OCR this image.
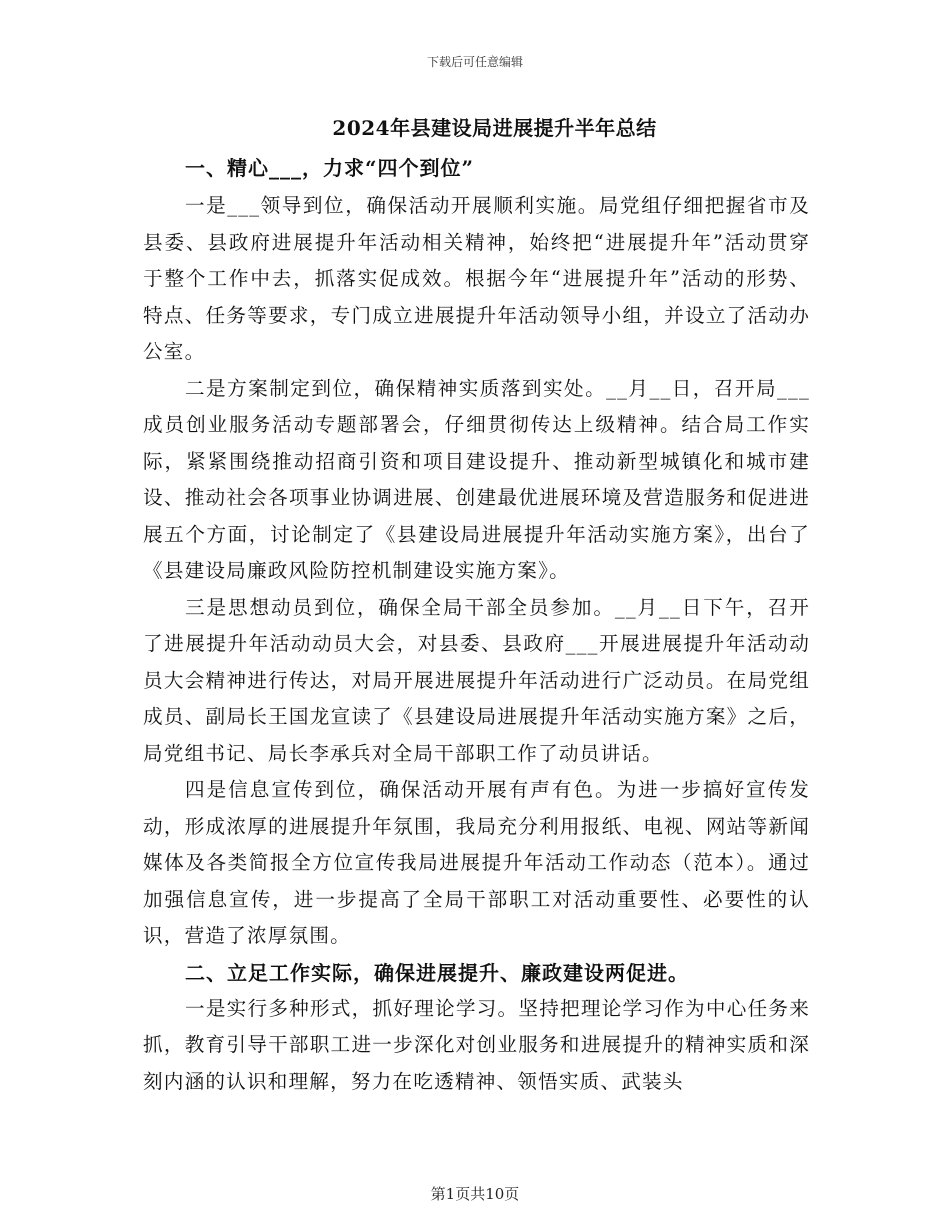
下载后可任意编辑
2024年县建设局进展提升半年总结
一、精心___，力求“四个到位”

一是___领导到位，确保活动开展顺利实施。局党组仔细把握省市及县委、县政府进展提升年活动相关精神，始终把“进展提升年”活动贯穿于整个工作中去，抓落实促成效。根据今年“进展提升年”活动的形势、特点、任务等要求，专门成立进展提升年活动领导小组，并设立了活动办公室。

二是方案制定到位，确保精神实质落到实处。__月__日，召开局___成员创业服务活动专题部署会，仔细贯彻传达上级精神。结合局工作实际，紧紧围绕推动招商引资和项目建设提升、推动新型城镇化和城市建设、推动社会各项事业协调进展、创建最优进展环境及营造服务和促进进展五个方面，讨论制定了《县建设局进展提升年活动实施方案》，出台了《县建设局廉政风险防控机制建设实施方案》。

三是思想动员到位，确保全局干部全员参加。__月__日下午，召开了进展提升年活动动员大会，对县委、县政府___开展进展提升年活动动员大会精神进行传达，对局开展进展提升年活动进行广泛动员。在局党组成员、副局长王国龙宣读了《县建设局进展提升年活动实施方案》之后，局党组书记、局长李承兵对全局干部职工作了动员讲话。

四是信息宣传到位，确保活动开展有声有色。为进一步搞好宣传发动，形成浓厚的进展提升年氛围，我局充分利用报纸、电视、网站等新闻媒体及各类简报全方位宣传我局进展提升年活动工作动态（范本）。通过加强信息宣传，进一步提高了全局干部职工对活动重要性、必要性的认识，营造了浓厚氛围。

二、立足工作实际，确保进展提升、廉政建设两促进。

一是实行多种形式，抓好理论学习。坚持把理论学习作为中心任务来抓，教育引导干部职工进一步深化对创业服务和进展提升的精神实质和深刻内涵的认识和理解，努力在吃透精神、领悟实质、武装头

第1页共10页
